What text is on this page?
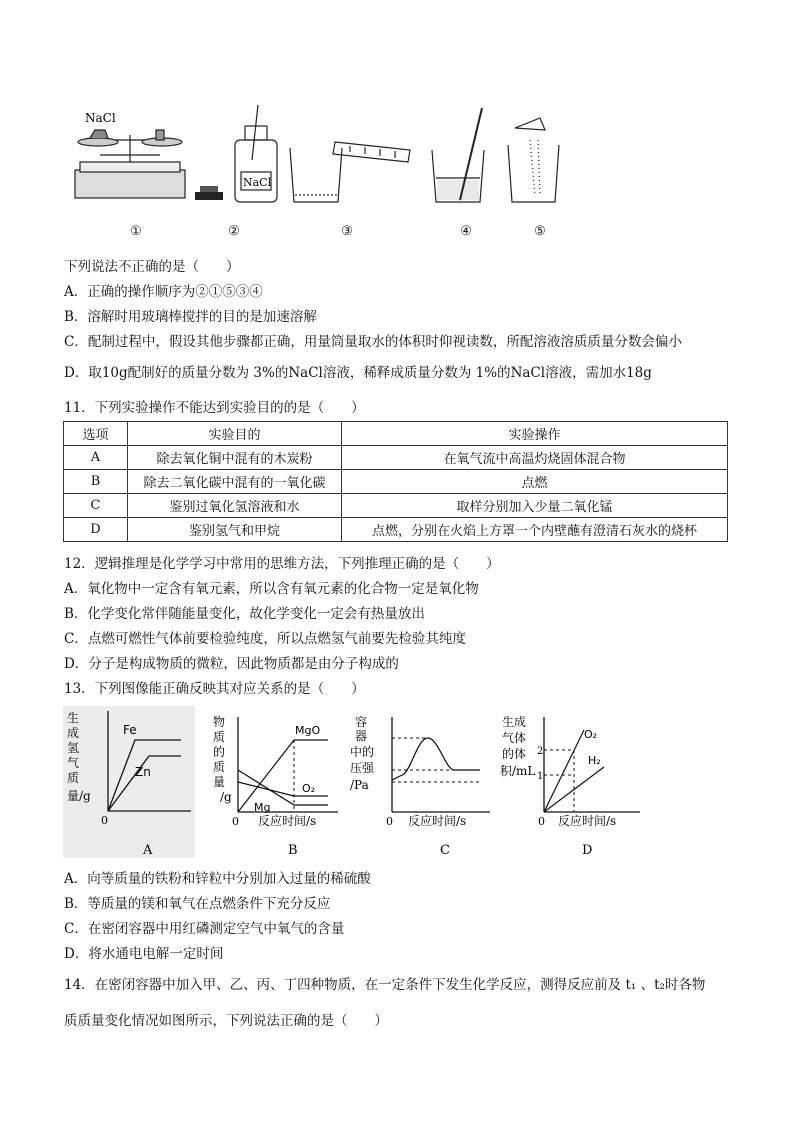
NaCl
NaCl
①	②	③	④	⑤
下列说法不正确的是（　　）
A．正确的操作顺序为②①⑤③④
B．溶解时用玻璃棒搅拌的目的是加速溶解
C．配制过程中，假设其他步骤都正确，用量筒量取水的体积时仰视读数，所配溶液溶质质量分数会偏小
D．取10g配制好的质量分数为 3%的NaCl溶液，稀释成质量分数为 1%的NaCl溶液，需加水18g
11．下列实验操作不能达到实验目的的是（　　）
选项	实验目的	实验操作
A	除去氧化铜中混有的木炭粉	在氧气流中高温灼烧固体混合物
B	除去二氧化碳中混有的一氧化碳	点燃
C	鉴别过氧化氢溶液和水	取样分别加入少量二氧化锰
D	鉴别氢气和甲烷	点燃，分别在火焰上方罩一个内壁蘸有澄清石灰水的烧杯
12．逻辑推理是化学学习中常用的思维方法，下列推理正确的是（　　）
A．氧化物中一定含有氧元素，所以含有氧元素的化合物一定是氧化物
B．化学变化常伴随能量变化，故化学变化一定会有热量放出
C．点燃可燃性气体前要检验纯度，所以点燃氢气前要先检验其纯度
D．分子是构成物质的微粒，因此物质都是由分子构成的
13．下列图像能正确反映其对应关系的是（　　）
生
成
氢
气
质
量/g
Fe
Zn
0
A
物
质
的
质
量
/g
MgO
O₂
Mg
0 反应时间/s
B
容
器
中的
压强
/Pa
0 反应时间/s
C
生成
气体
的体
积/mL
2
1
O₂
H₂
0 反应时间/s
D
A．向等质量的铁粉和锌粒中分别加入过量的稀硫酸
B．等质量的镁和氧气在点燃条件下充分反应
C．在密闭容器中用红磷测定空气中氧气的含量
D．将水通电电解一定时间
14．在密闭容器中加入甲、乙、丙、丁四种物质，在一定条件下发生化学反应，测得反应前及 t₁ 、t₂时各物
质质量变化情况如图所示，下列说法正确的是（　　）
